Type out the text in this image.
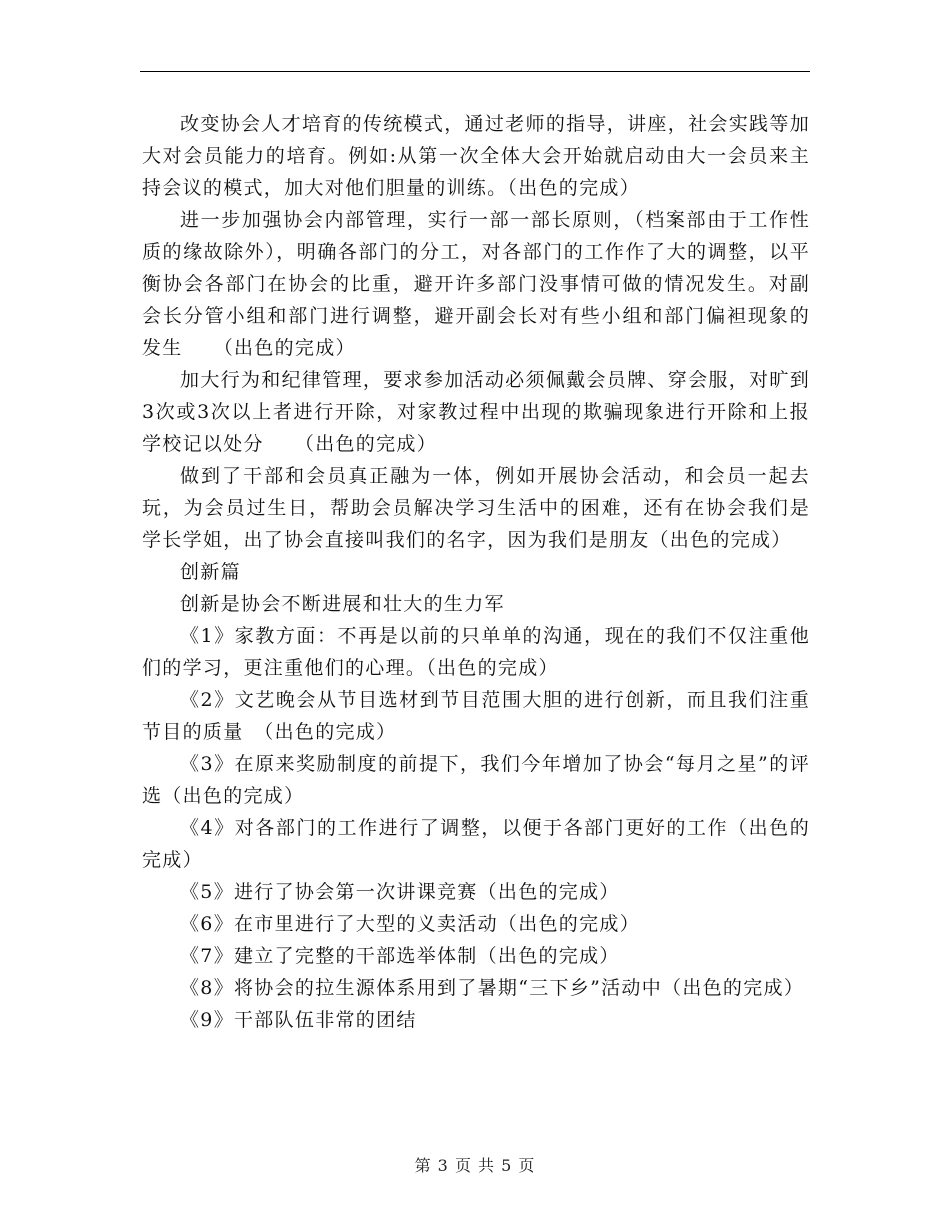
改变协会人才培育的传统模式，通过老师的指导，讲座，社会实践等加大对会员能力的培育。例如:从第一次全体大会开始就启动由大一会员来主持会议的模式，加大对他们胆量的训练。（出色的完成）

进一步加强协会内部管理，实行一部一部长原则，（档案部由于工作性质的缘故除外），明确各部门的分工，对各部门的工作作了大的调整，以平衡协会各部门在协会的比重，避开许多部门没事情可做的情况发生。对副会长分管小组和部门进行调整，避开副会长对有些小组和部门偏袒现象的发生　　（出色的完成）

加大行为和纪律管理，要求参加活动必须佩戴会员牌、穿会服，对旷到3次或3次以上者进行开除，对家教过程中出现的欺骗现象进行开除和上报学校记以处分　　（出色的完成）

做到了干部和会员真正融为一体，例如开展协会活动，和会员一起去玩，为会员过生日，帮助会员解决学习生活中的困难，还有在协会我们是学长学姐，出了协会直接叫我们的名字，因为我们是朋友（出色的完成）

创新篇

创新是协会不断进展和壮大的生力军

《1》家教方面：不再是以前的只单单的沟通，现在的我们不仅注重他们的学习，更注重他们的心理。（出色的完成）

《2》文艺晚会从节目选材到节目范围大胆的进行创新，而且我们注重节目的质量　（出色的完成）

《3》在原来奖励制度的前提下，我们今年增加了协会“每月之星”的评选（出色的完成）

《4》对各部门的工作进行了调整，以便于各部门更好的工作（出色的完成）

《5》进行了协会第一次讲课竞赛（出色的完成）

《6》在市里进行了大型的义卖活动（出色的完成）

《7》建立了完整的干部选举体制（出色的完成）

《8》将协会的拉生源体系用到了暑期“三下乡”活动中（出色的完成）

《9》干部队伍非常的团结

第 3 页 共 5 页
